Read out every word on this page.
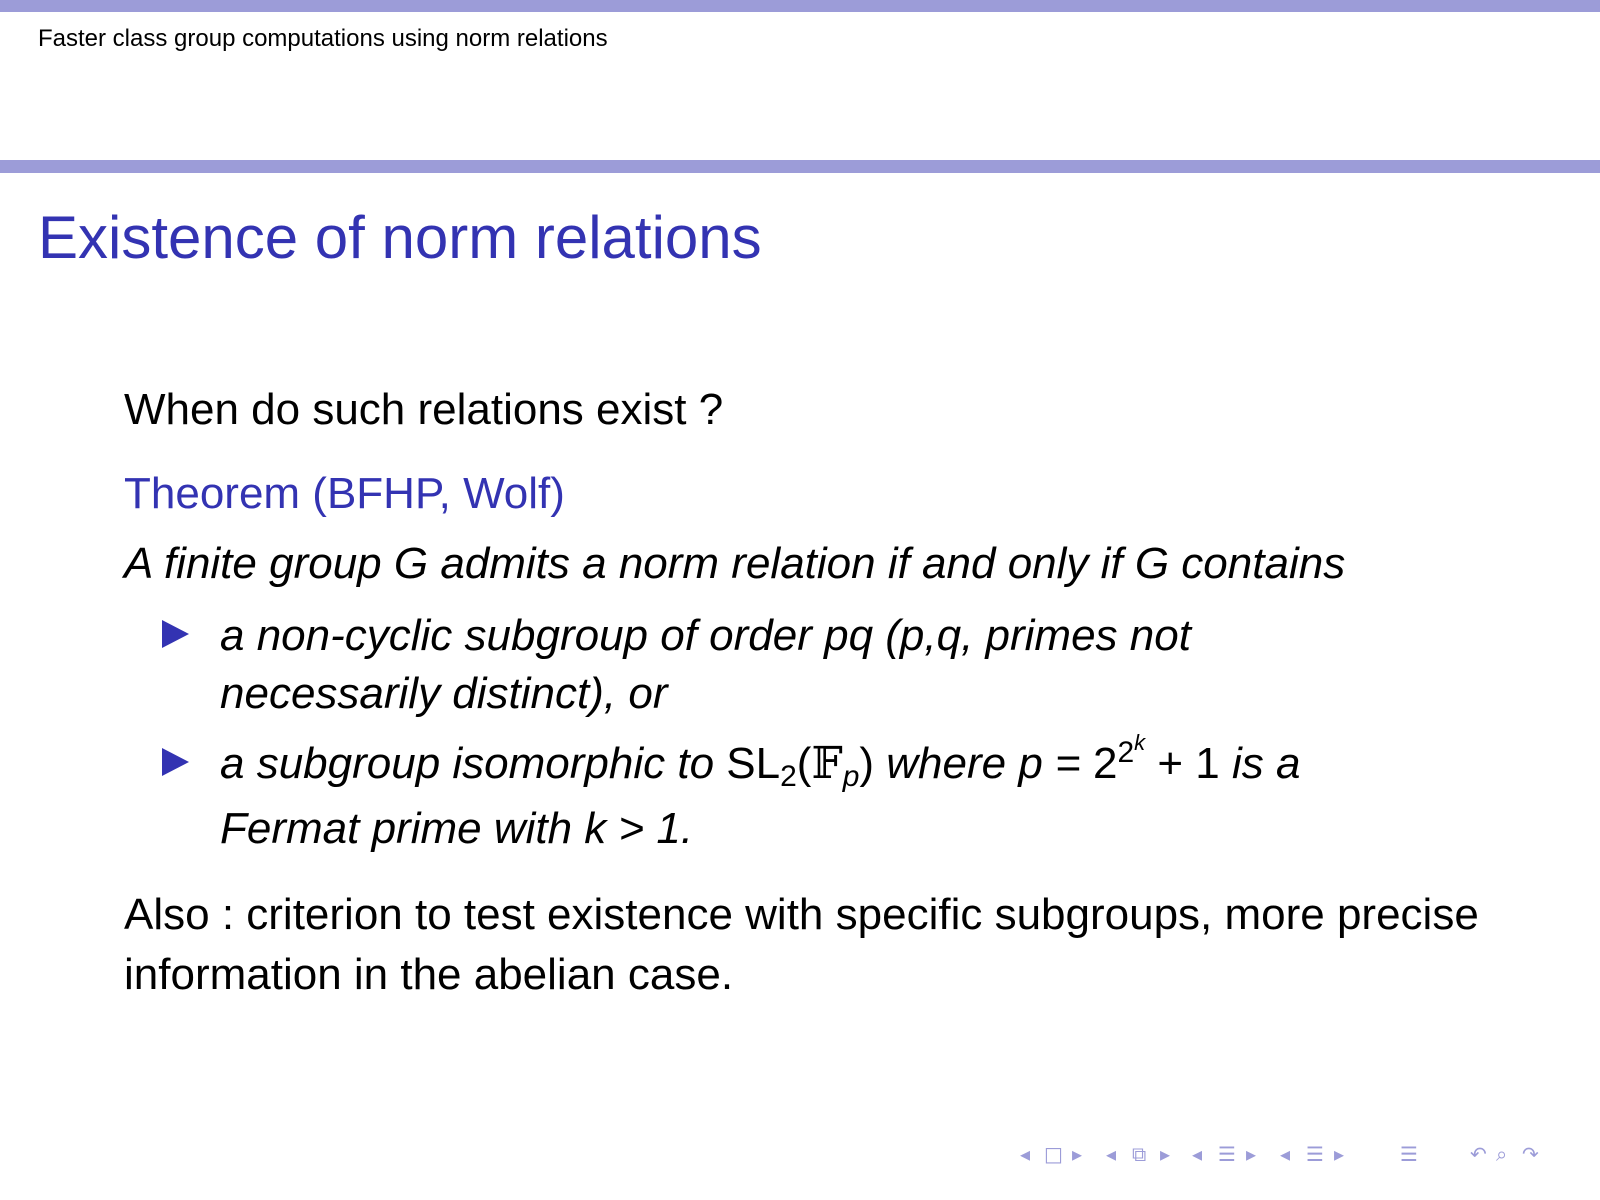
Faster class group computations using norm relations
Existence of norm relations
When do such relations exist ?
Theorem (BFHP, Wolf)
A finite group G admits a norm relation if and only if G contains
a non-cyclic subgroup of order pq (p,q, primes not
necessarily distinct), or
a subgroup isomorphic to SL2(𝔽p) where $p = 22^k + 1$ is a
Fermat prime with k > 1.
Also : criterion to test existence with specific subgroups, more precise information in the abelian case.
◂ □ ▸ ◂ ⧉ ▸ ◂ ☰ ▸ ◂ ☰ ▸	☰	↶ ⌕ ↷
